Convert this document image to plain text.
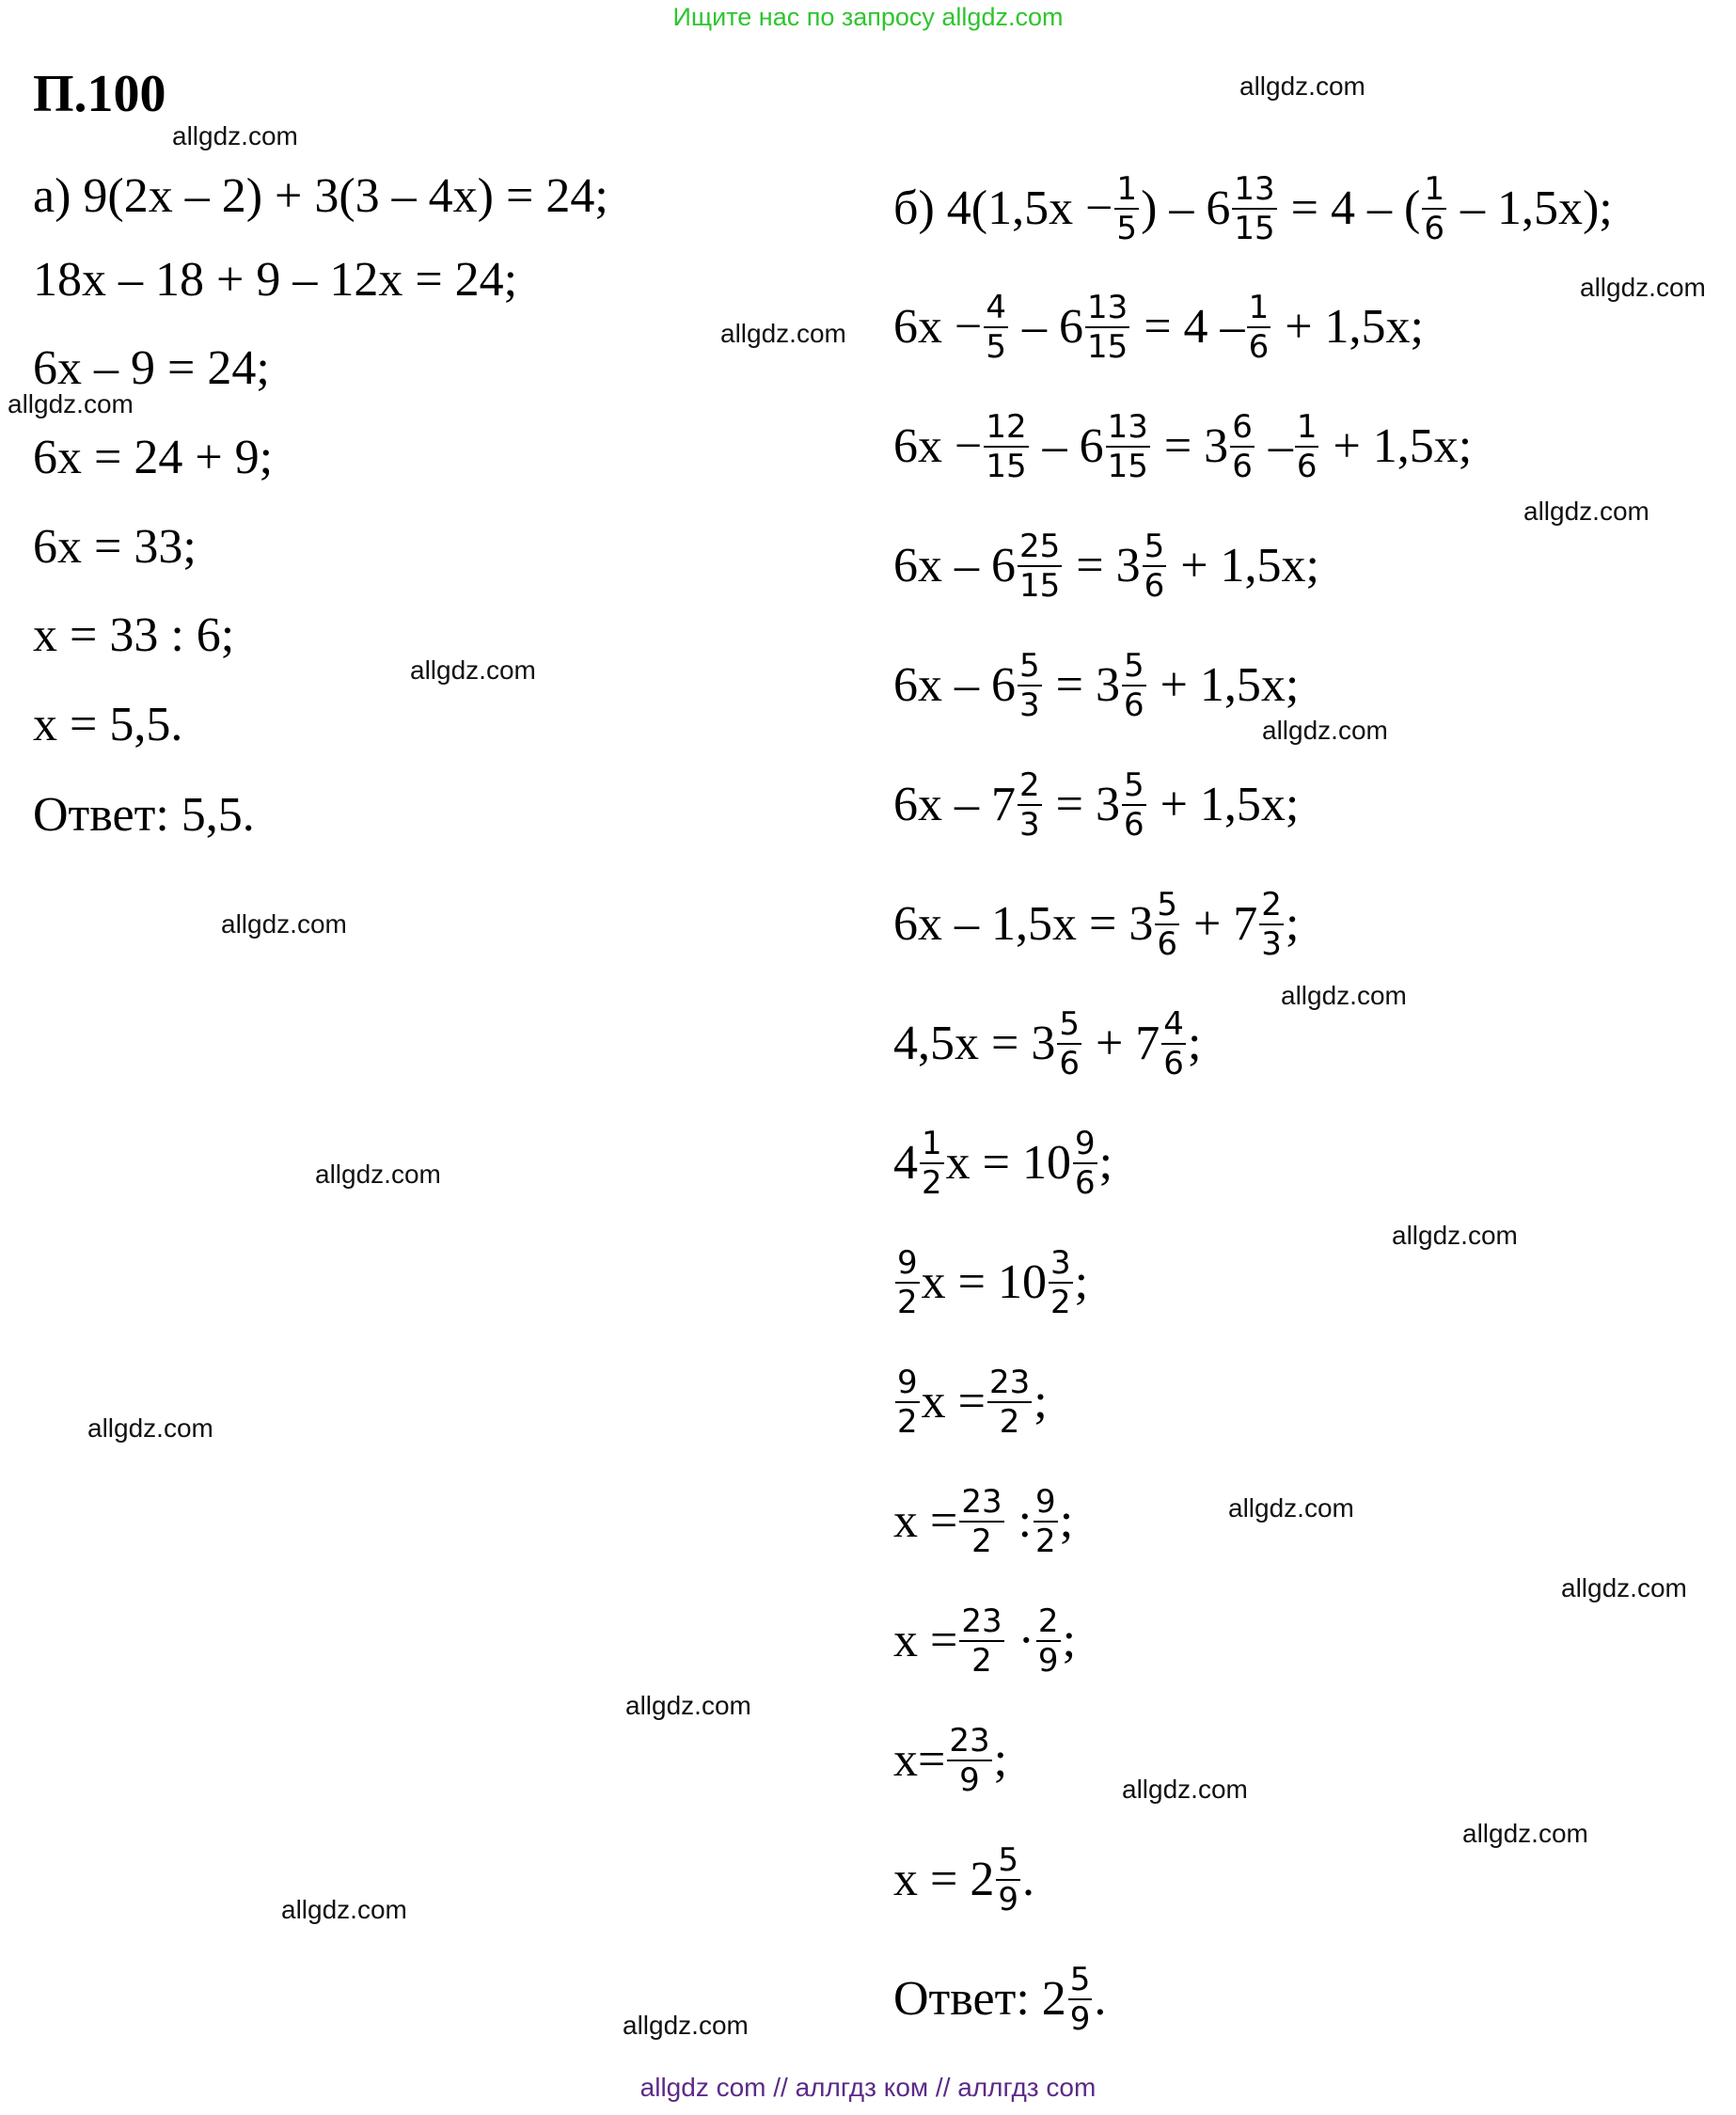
Ищите нас по запросу allgdz.com
П.100
а) 9(2x – 2) + 3(3 – 4x) = 24;
18x – 18 + 9 – 12x = 24;
6x – 9 = 24;
6x = 24 + 9;
6x = 33;
x = 33 : 6;
x = 5,5.
Ответ: 5,5.
б) $4(1,5x - \frac{1}{5}$ ) – $6 \frac{13}{15} = 4$ – ( $\frac{1}{6} - 1,5x$);
$6x - \frac{4}{5} - 6 \frac{13}{15} = 4 - \frac{1}{6} + 1,5x$;
$6x - \frac{12}{15} - 6 \frac{13}{15} = 3 \frac{6}{6} - \frac{1}{6} + 1,5x$;
$6x - 6 \frac{25}{15} = 3 \frac{5}{6} + 1,5x$;
$6x - 6 \frac{5}{3} = 3 \frac{5}{6} + 1,5x$;
$6x - 7 \frac{2}{3} = 3 \frac{5}{6} + 1,5x$;
$6x - 1,5x = 3 \frac{5}{6} + 7 \frac{2}{3}$ ;
$4,5x = 3 \frac{5}{6} + 7 \frac{4}{6}$ ;
$4 \frac{1}{2}$ $x = 10 \frac{9}{6}$ ;
$\frac{9}{2}$ $x = 10 \frac{3}{2}$ ;
$\frac{9}{2}$ $x = \frac{23}{2}$ ;
$x = \frac{23}{2}$ : $\frac{9}{2}$ ;
$x = \frac{23}{2} \cdot \frac{2}{9}$ ;
$x= \frac{23}{9}$ ;
$x = 2 \frac{5}{9}$ .
Ответ: $2 \frac{5}{9}$ .
allgdz.com
allgdz.com
allgdz.com
allgdz.com
allgdz.com
allgdz.com
allgdz.com
allgdz.com
allgdz.com
allgdz.com
allgdz.com
allgdz.com
allgdz.com
allgdz.com
allgdz.com
allgdz.com
allgdz.com
allgdz.com
allgdz.com
allgdz.com
allgdz com // аллгдз ком // аллгдз com
